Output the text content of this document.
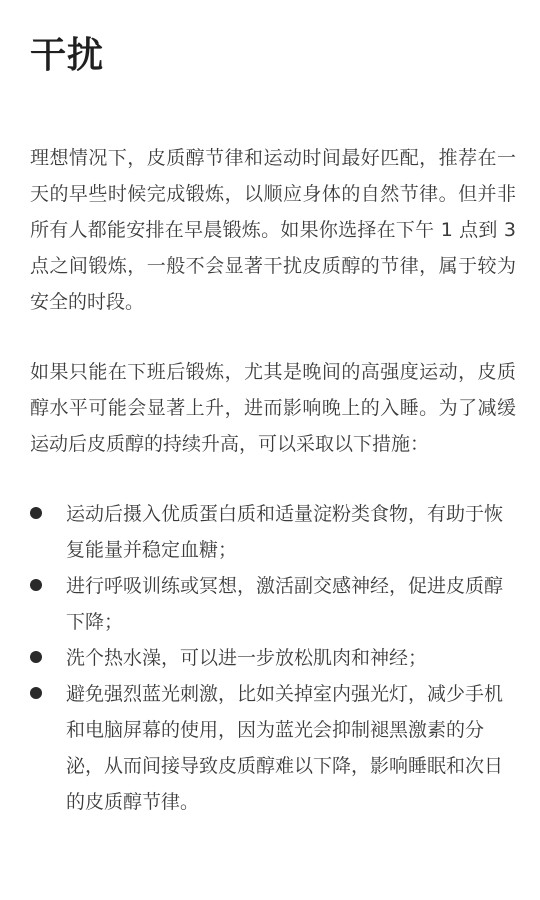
干扰

理想情况下，皮质醇节律和运动时间最好匹配，推荐在一天的早些时候完成锻炼，以顺应身体的自然节律。但并非所有人都能安排在早晨锻炼。如果你选择在下午 1 点到 3 点之间锻炼，一般不会显著干扰皮质醇的节律，属于较为安全的时段。

如果只能在下班后锻炼，尤其是晚间的高强度运动，皮质醇水平可能会显著上升，进而影响晚上的入睡。为了减缓运动后皮质醇的持续升高，可以采取以下措施：

运动后摄入优质蛋白质和适量淀粉类食物，有助于恢复能量并稳定血糖；
进行呼吸训练或冥想，激活副交感神经，促进皮质醇下降；
洗个热水澡，可以进一步放松肌肉和神经；
避免强烈蓝光刺激，比如关掉室内强光灯，减少手机和电脑屏幕的使用，因为蓝光会抑制褪黑激素的分泌，从而间接导致皮质醇难以下降，影响睡眠和次日的皮质醇节律。
